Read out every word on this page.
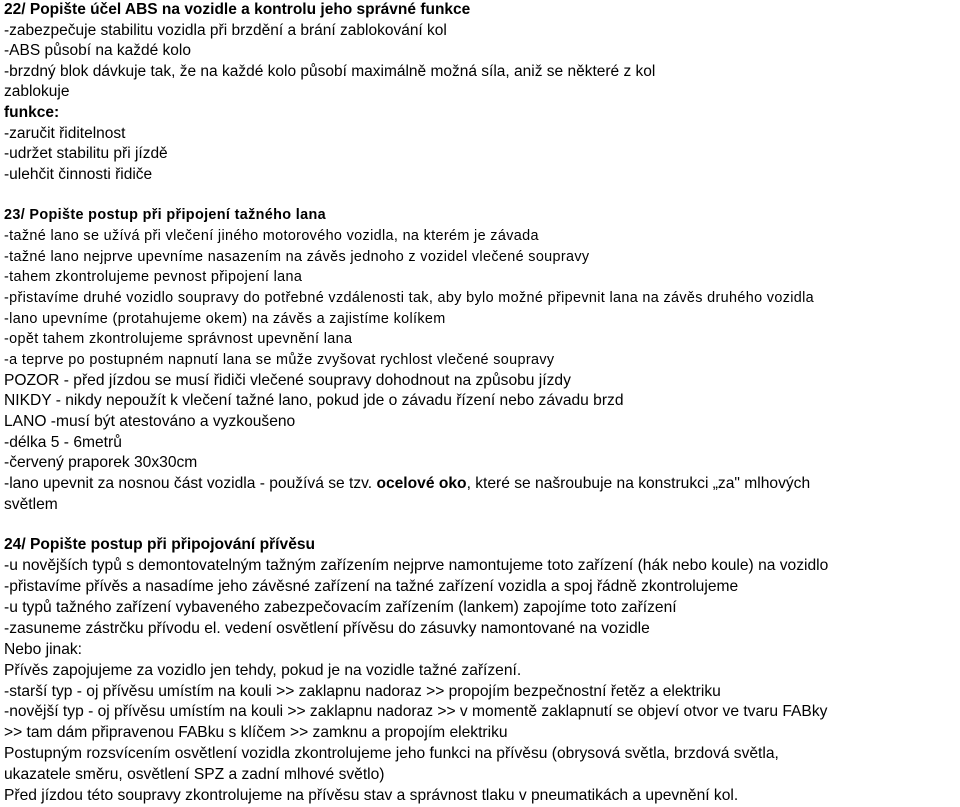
22/ Popište účel ABS na vozidle a kontrolu jeho správné funkce
-zabezpečuje stabilitu vozidla při brzdění a brání zablokování kol
-ABS působí na každé kolo
-brzdný blok dávkuje tak, že na každé kolo působí maximálně možná síla, aniž se některé z kol
zablokuje
funkce:
-zaručit řiditelnost
-udržet stabilitu při jízdě
-ulehčit činnosti řidiče
23/ Popište postup při připojení tažného lana
-tažné lano se užívá při vlečení jiného motorového vozidla, na kterém je závada
-tažné lano nejprve upevníme nasazením na závěs jednoho z vozidel vlečené soupravy
-tahem zkontrolujeme pevnost připojení lana
-přistavíme druhé vozidlo soupravy do potřebné vzdálenosti tak, aby bylo možné připevnit lana na závěs druhého vozidla
-lano upevníme (protahujeme okem) na závěs a zajistíme kolíkem
-opět tahem zkontrolujeme správnost upevnění lana
-a teprve po postupném napnutí lana se může zvyšovat rychlost vlečené soupravy
POZOR - před jízdou se musí řidiči vlečené soupravy dohodnout na způsobu jízdy
NIKDY - nikdy nepoužít k vlečení tažné lano, pokud jde o závadu řízení nebo závadu brzd
LANO -musí být atestováno a vyzkoušeno
-délka 5 - 6metrů
-červený praporek 30x30cm
-lano upevnit za nosnou část vozidla - používá se tzv. ocelové oko, které se našroubuje na konstrukci „za" mlhových
světlem
24/ Popište postup při připojování přívěsu
-u novějších typů s demontovatelným tažným zařízením nejprve namontujeme toto zařízení (hák nebo koule) na vozidlo
-přistavíme přívěs a nasadíme jeho závěsné zařízení na tažné zařízení vozidla a spoj řádně zkontrolujeme
-u typů tažného zařízení vybaveného zabezpečovacím zařízením (lankem) zapojíme toto zařízení
-zasuneme zástrčku přívodu el. vedení osvětlení přívěsu do zásuvky namontované na vozidle
Nebo jinak:
Přívěs zapojujeme za vozidlo jen tehdy, pokud je na vozidle tažné zařízení.
-starší typ - oj přívěsu umístím na kouli >> zaklapnu nadoraz >> propojím bezpečnostní řetěz a elektriku
-novější typ - oj přívěsu umístím na kouli >> zaklapnu nadoraz >> v momentě zaklapnutí se objeví otvor ve tvaru FABky
>> tam dám připravenou FABku s klíčem >> zamknu a propojím elektriku
Postupným rozsvícením osvětlení vozidla zkontrolujeme jeho funkci na přívěsu (obrysová světla, brzdová světla,
ukazatele směru, osvětlení SPZ a zadní mlhové světlo)
Před jízdou této soupravy zkontrolujeme na přívěsu stav a správnost tlaku v pneumatikách a upevnění kol.
